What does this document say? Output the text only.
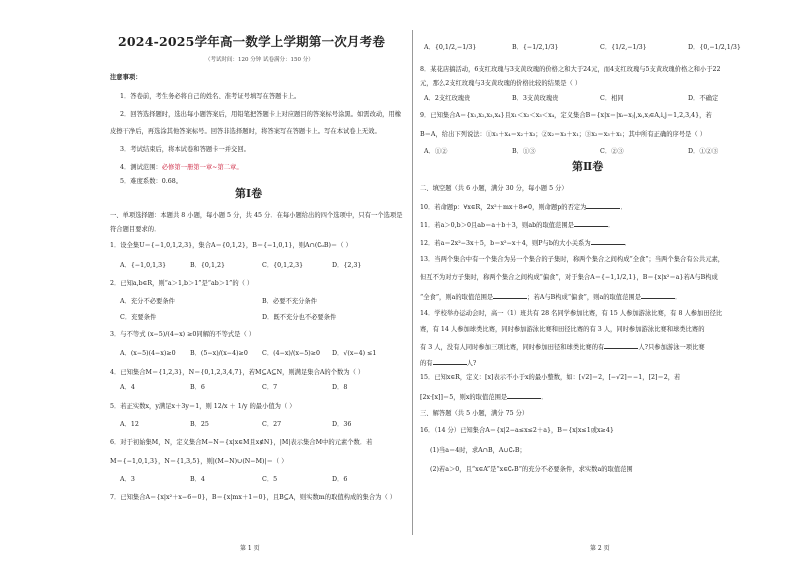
2024-2025学年高一数学上学期第一次月考卷
（考试时间：120 分钟 试卷满分：150 分）
注意事项：
1．答卷前，考生务必将自己的姓名、准考证号填写在答题卡上。
2．回答选择题时，选出每小题答案后，用铅笔把答题卡上对应题目的答案标号涂黑。如需改动，用橡
皮擦干净后，再选涂其他答案标号。回答非选择题时，将答案写在答题卡上。写在本试卷上无效。
3．考试结束后，将本试卷和答题卡一并交回。
4．测试范围：必修第一册第一章~第二章。
5．难度系数：0.68。
第Ⅰ卷
一、单项选择题：本题共 8 小题，每小题 5 分，共 45 分．在每小题给出的四个选项中，只有一个选项是
符合题目要求的．
1．设全集U＝{−1,0,1,2,3}，集合A＝{0,1,2}，B＝{−1,0,1}，则A∩(∁ᵤB)＝（ ）
A．{−1,0,1,3}	B．{0,1,2}	C．{0,1,2,3}	D．{2,3}
2．已知a,b∈R，则“a＞1,b＞1”是“ab＞1”的（ ）
A．充分不必要条件	B．必要不充分条件
C．充要条件	D．既不充分也不必要条件
3．与不等式 (x−5)/(4−x) ≥0同解的不等式是（ ）
A．(x−5)(4−x)≥0 B．(5−x)/(x−4)≥0 C．(4−x)/(x−5)≥0 D．√(x−4) ≤1
4．已知集合M＝{1,2,3}，N＝{0,1,2,3,4,7}，若M⊆A⊆N，则满足集合A的个数为（ ）
A．4	B．6	C．7	D．8
5．若正实数x，y满足x＋3y＝1，则 12/x ＋ 1/y 的最小值为（ ）
A．12	B．25	C．27	D．36
6．对于初始集M，N，定义集合M−N＝{x|x∈M且x∉N}，|M|表示集合M中的元素个数．若
M＝{−1,0,1,3}，N＝{1,3,5}，则|(M−N)∪(N−M)|＝（ ）
A．3	B．4	C．5	D．6
7．已知集合A＝{x|x²＋x−6＝0}，B＝{x|mx＋1＝0}，且B⊆A，则实数m的取值构成的集合为（ ）
第 1 页
A．{0,1/2,−1/3}	B．{−1/2,1/3}	C．{1/2,−1/3}	D．{0,−1/2,1/3}
8．某花店搞活动，6支红玫瑰与3支黄玫瑰的价格之和大于24元，而4支红玫瑰与5支黄玫瑰价格之和小于22
元，那么2支红玫瑰与3支黄玫瑰的价格比较的结果是（ ）
A．2支红玫瑰贵	B．3支黄玫瑰贵	C．相同	D．不确定
9．已知集合A＝{x₁,x₂,x₃,x₄}且x₁＜x₂＜x₃＜x₄，定义集合B＝{x|x＝|xᵢ−xⱼ|,xᵢ,xⱼ∈A,i,j＝1,2,3,4}，若
B＝A，给出下列说法：①x₁＋x₄＝x₂＋x₃；②x₂＝x₃＋x₁；③x₂＝x₃＋x₁；其中所有正确的序号是（ ）
A．①②	B．①③	C．②③	D．①②③
第Ⅱ卷
二、填空题（共 6 小题，满分 30 分，每小题 5 分）
10．若命题p：∀x∈R，2x²＋mx＋8≠0，则命题p的否定为	．
11．若a＞0,b＞0且ab＝a＋b＋3，则ab的取值范围是	．
12．若a＝2x²−3x＋5，b＝x²−x＋4，则P与b的大小关系为	．
13．当两个集合中有一个集合为另一个集合的子集时，称两个集合之间构成“全食”；当两个集合有公共元素，
但互不为对方子集时，称两个集合之间构成“偏食”，对于集合A＝{−1,1/2,1}，B＝{x|x²＝a}若A与B构成
“全食”，则a的取值范围是	；若A与B构成“偏食”，则a的取值范围是	．
14．学校举办运动会时，高一（1）班共有 28 名同学参加比赛，有 15 人参加游泳比赛，有 8 人参加田径比
赛，有 14 人参加球类比赛，同时参加游泳比赛和田径比赛的有 3 人，同时参加游泳比赛和球类比赛的
有 3 人，没有人同时参加三项比赛，同时参加田径和球类比赛的有	人?只参加游泳一项比赛
的有	人?
15．已知x∈R，定义：[x]表示不小于x的最小整数，如：[√2]＝2，[−√2]＝−1，[2]＝2，若
[2x·[x]]＝5，则x的取值范围是	．
三、解答题（共 5 小题，满分 75 分）
16．（14 分）已知集合A＝{x|2−a≤x≤2＋a}，B＝{x|x≤1或x≥4}
(1)当a＝4时，求A∩B，A∪∁ᵣB；
(2)若a＞0，且“x∈A”是“x∈∁ᵣB”的充分不必要条件，求实数a的取值范围
第 2 页
